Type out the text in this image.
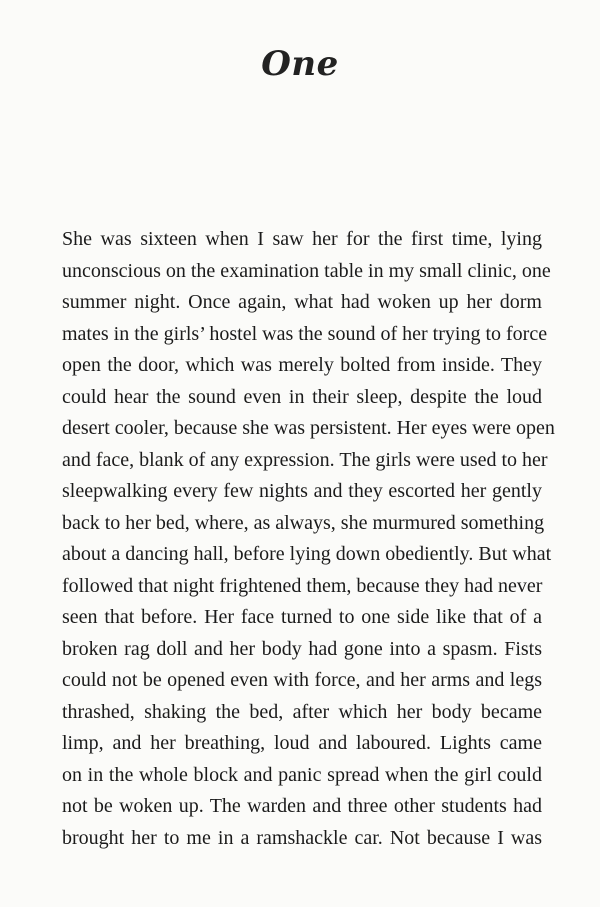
One
She was sixteen when I saw her for the first time, lying
unconscious on the examination table in my small clinic, one
summer night. Once again, what had woken up her dorm
mates in the girls’ hostel was the sound of her trying to force
open the door, which was merely bolted from inside. They
could hear the sound even in their sleep, despite the loud
desert cooler, because she was persistent. Her eyes were open
and face, blank of any expression. The girls were used to her
sleepwalking every few nights and they escorted her gently
back to her bed, where, as always, she murmured something
about a dancing hall, before lying down obediently. But what
followed that night frightened them, because they had never
seen that before. Her face turned to one side like that of a
broken rag doll and her body had gone into a spasm. Fists
could not be opened even with force, and her arms and legs
thrashed, shaking the bed, after which her body became
limp, and her breathing, loud and laboured. Lights came
on in the whole block and panic spread when the girl could
not be woken up. The warden and three other students had
brought her to me in a ramshackle car. Not because I was
